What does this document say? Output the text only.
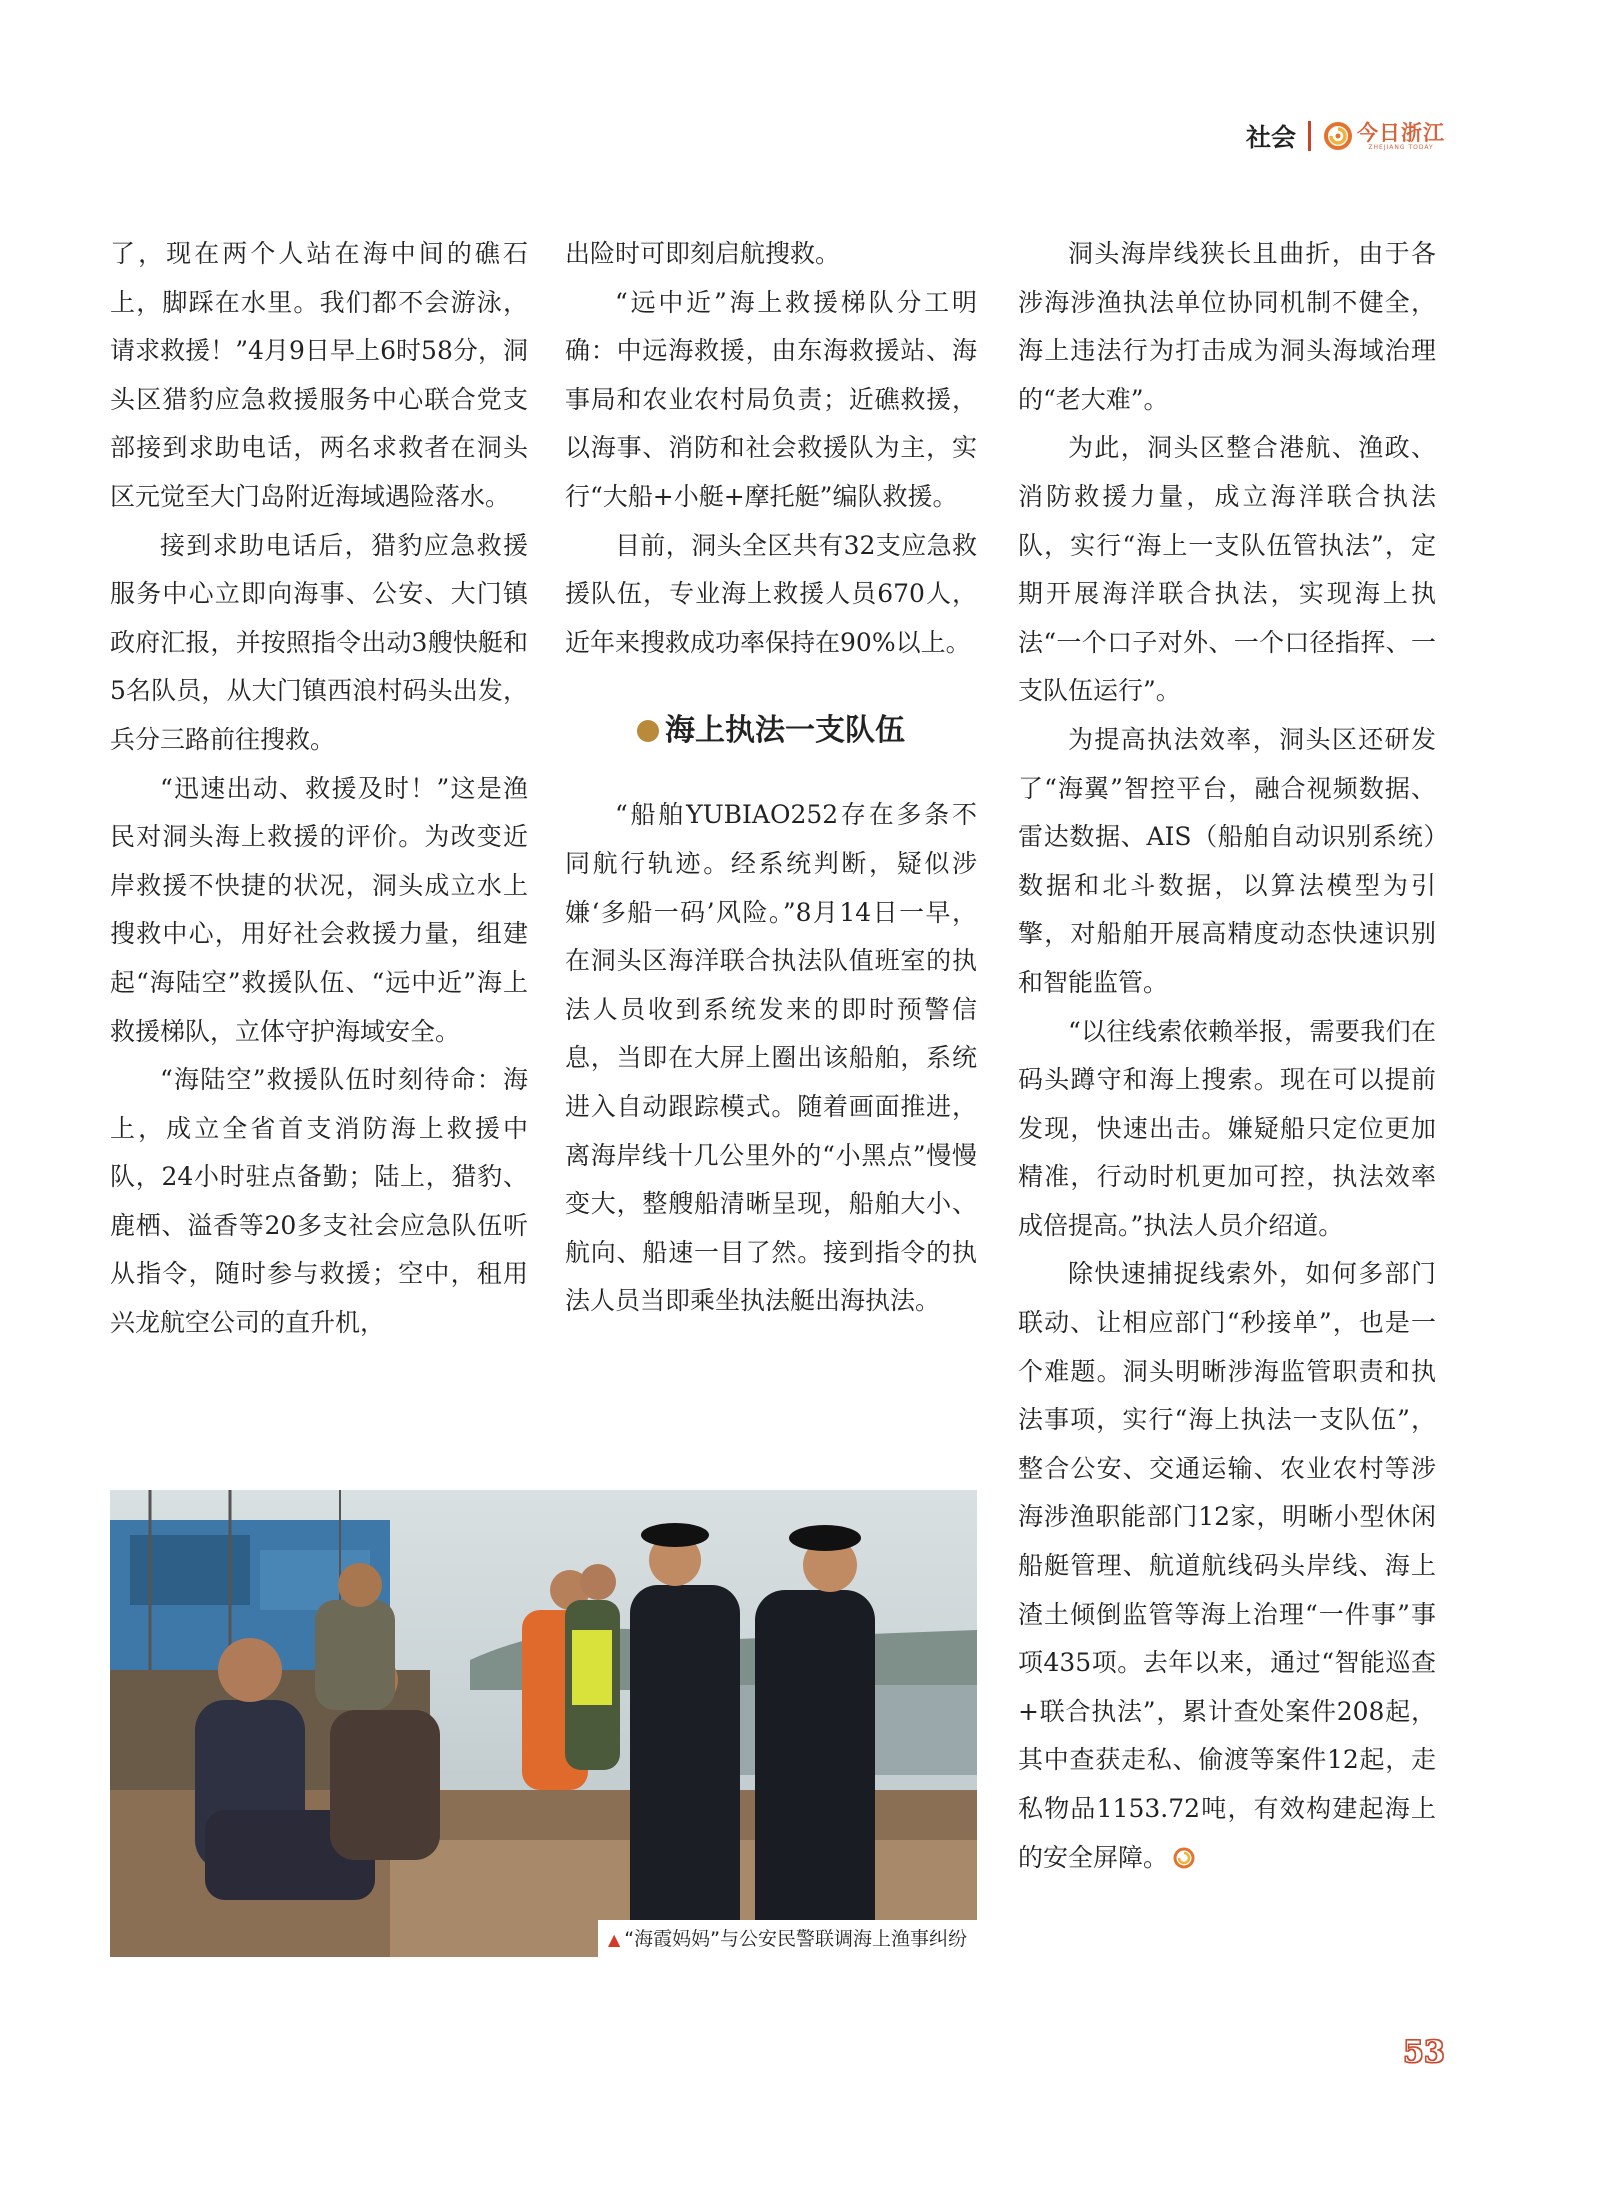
社会	今日浙江
ZHEJIANG TODAY

了，现在两个人站在海中间的礁石上，脚踩在水里。我们都不会游泳，请求救援！”4月9日早上6时58分，洞头区猎豹应急救援服务中心联合党支部接到求助电话，两名求救者在洞头区元觉至大门岛附近海域遇险落水。

接到求助电话后，猎豹应急救援服务中心立即向海事、公安、大门镇政府汇报，并按照指令出动3艘快艇和5名队员，从大门镇西浪村码头出发，兵分三路前往搜救。

“迅速出动、救援及时！”这是渔民对洞头海上救援的评价。为改变近岸救援不快捷的状况，洞头成立水上搜救中心，用好社会救援力量，组建起“海陆空”救援队伍、“远中近”海上救援梯队，立体守护海域安全。

“海陆空”救援队伍时刻待命：海上，成立全省首支消防海上救援中队，24小时驻点备勤；陆上，猎豹、鹿栖、溢香等20多支社会应急队伍听从指令，随时参与救援；空中，租用兴龙航空公司的直升机，

出险时可即刻启航搜救。

“远中近”海上救援梯队分工明确：中远海救援，由东海救援站、海事局和农业农村局负责；近礁救援，以海事、消防和社会救援队为主，实行“大船+小艇+摩托艇”编队救援。

目前，洞头全区共有32支应急救援队伍，专业海上救援人员670人，近年来搜救成功率保持在90%以上。

海上执法一支队伍

“船舶YUBIAO252存在多条不同航行轨迹。经系统判断，疑似涉嫌‘多船一码’风险。”8月14日一早，在洞头区海洋联合执法队值班室的执法人员收到系统发来的即时预警信息，当即在大屏上圈出该船舶，系统进入自动跟踪模式。随着画面推进，离海岸线十几公里外的“小黑点”慢慢变大，整艘船清晰呈现，船舶大小、航向、船速一目了然。接到指令的执法人员当即乘坐执法艇出海执法。

洞头海岸线狭长且曲折，由于各涉海涉渔执法单位协同机制不健全，海上违法行为打击成为洞头海域治理的“老大难”。

为此，洞头区整合港航、渔政、消防救援力量，成立海洋联合执法队，实行“海上一支队伍管执法”，定期开展海洋联合执法，实现海上执法“一个口子对外、一个口径指挥、一支队伍运行”。

为提高执法效率，洞头区还研发了“海翼”智控平台，融合视频数据、雷达数据、AIS（船舶自动识别系统）数据和北斗数据，以算法模型为引擎，对船舶开展高精度动态快速识别和智能监管。

“以往线索依赖举报，需要我们在码头蹲守和海上搜索。现在可以提前发现，快速出击。嫌疑船只定位更加精准，行动时机更加可控，执法效率成倍提高。”执法人员介绍道。

除快速捕捉线索外，如何多部门联动、让相应部门“秒接单”，也是一个难题。洞头明晰涉海监管职责和执法事项，实行“海上执法一支队伍”，整合公安、交通运输、农业农村等涉海涉渔职能部门12家，明晰小型休闲船艇管理、航道航线码头岸线、海上渣土倾倒监管等海上治理“一件事”事项435项。去年以来，通过“智能巡查+联合执法”，累计查处案件208起，其中查获走私、偷渡等案件12起，走私物品1153.72吨，有效构建起海上的安全屏障。

▲ “海霞妈妈”与公安民警联调海上渔事纠纷
53
